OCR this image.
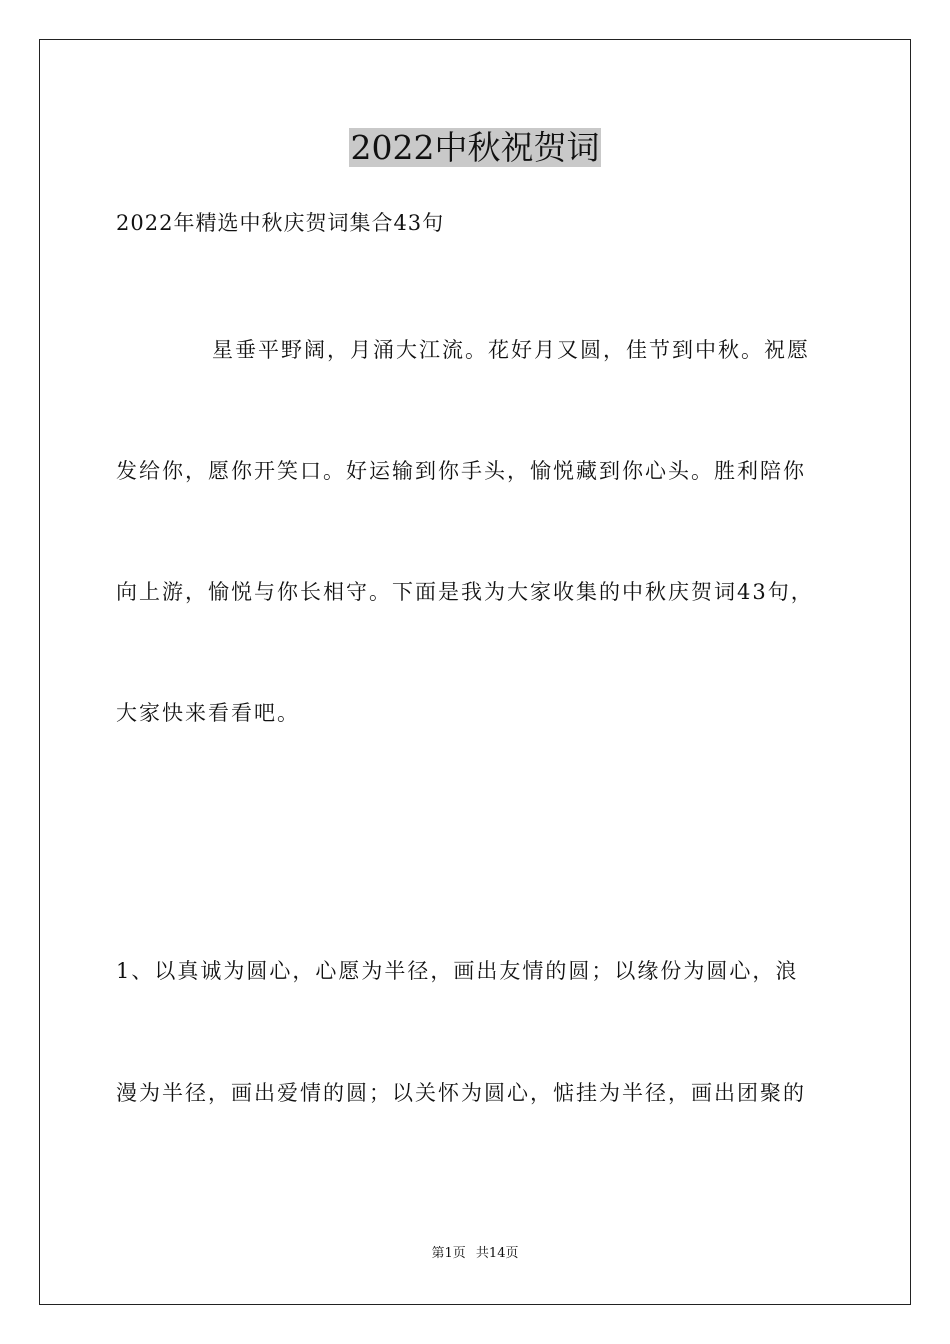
2022中秋祝贺词
2022年精选中秋庆贺词集合43句
星垂平野阔，月涌大江流。花好月又圆，佳节到中秋。祝愿
发给你，愿你开笑口。好运输到你手头，愉悦藏到你心头。胜利陪你
向上游，愉悦与你长相守。下面是我为大家收集的中秋庆贺词43句，
大家快来看看吧。
1、以真诚为圆心，心愿为半径，画出友情的圆；以缘份为圆心，浪
漫为半径，画出爱情的圆；以关怀为圆心，惦挂为半径，画出团聚的
第1页 共14页
